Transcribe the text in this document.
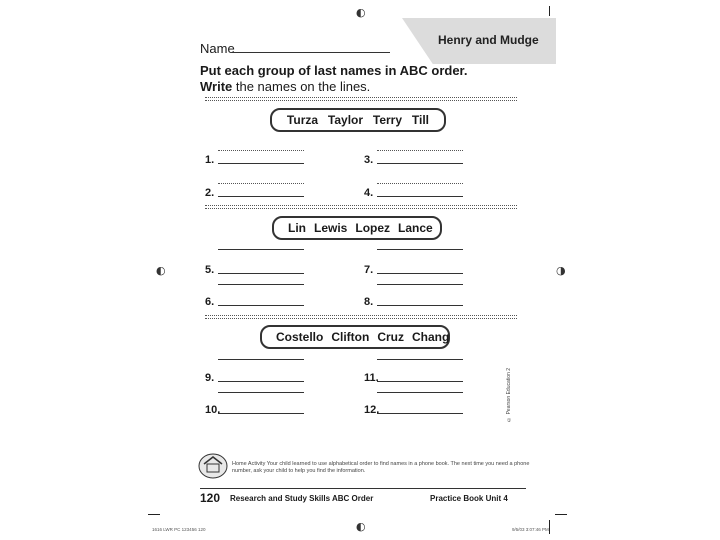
◐
◐
◐	◑
Henry and Mudge
Name
Put each group of last names in ABC order.
Write the names on the lines.
Turza Taylor Terry Till
1.
2.
3.
4.
Lin Lewis Lopez Lance
5.
6.
7.
8.
Costello Clifton Cruz Chang
9.
10.
11.
12.	© Pearson Education 2
Home Activity Your child learned to use alphabetical order to find names in a phone book. The next time you need a phone number, ask your child to help you find the information.
120 Research and Study Skills ABC Order	Practice Book Unit 4
1616 LWR PC 123456 120	9/5/03 3:07:46 PM
